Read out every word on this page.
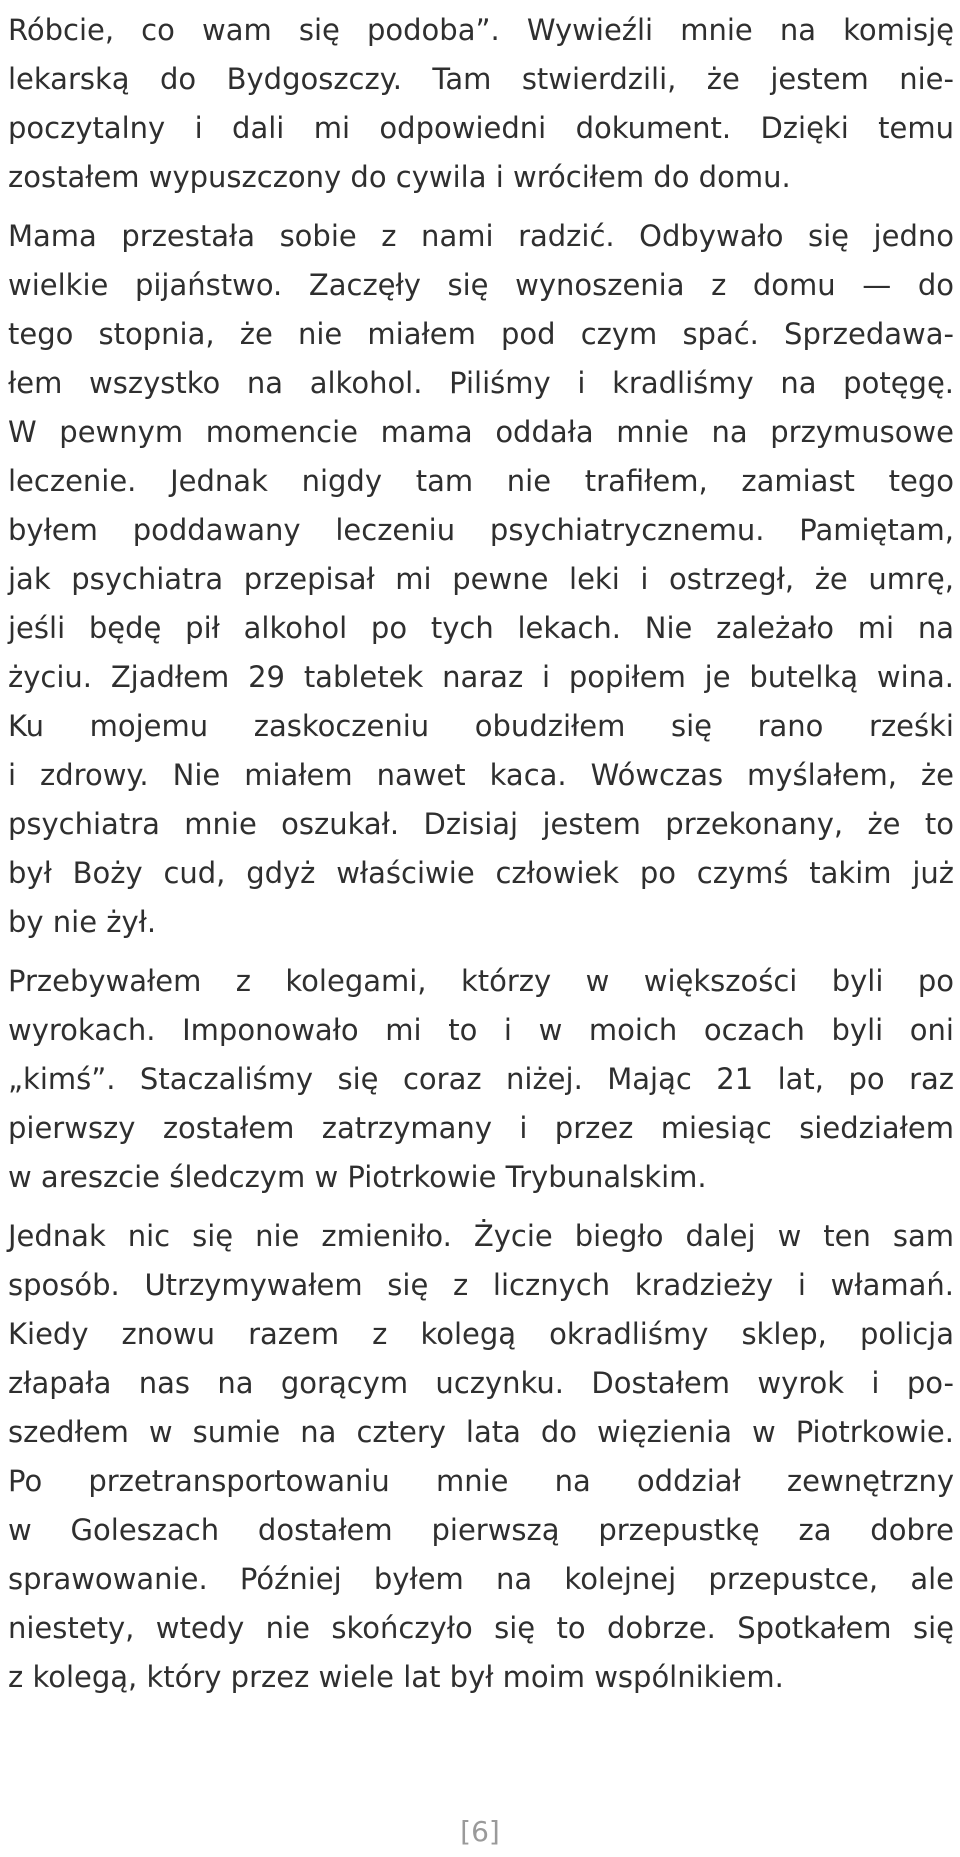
Róbcie, co wam się podoba”. Wywieźli mnie na komisję
lekarską do Bydgoszczy. Tam stwierdzili, że jestem nie-
poczytalny i dali mi odpowiedni dokument. Dzięki temu
zostałem wypuszczony do cywila i wróciłem do domu.
Mama przestała sobie z nami radzić. Odbywało się jedno
wielkie pijaństwo. Zaczęły się wynoszenia z domu — do
tego stopnia, że nie miałem pod czym spać. Sprzedawa-
łem wszystko na alkohol. Piliśmy i kradliśmy na potęgę.
W pewnym momencie mama oddała mnie na przymusowe
leczenie. Jednak nigdy tam nie trafiłem, zamiast tego
byłem poddawany leczeniu psychiatrycznemu. Pamiętam,
jak psychiatra przepisał mi pewne leki i ostrzegł, że umrę,
jeśli będę pił alkohol po tych lekach. Nie zależało mi na
życiu. Zjadłem 29 tabletek naraz i popiłem je butelką wina.
Ku mojemu zaskoczeniu obudziłem się rano rześki
i zdrowy. Nie miałem nawet kaca. Wówczas myślałem, że
psychiatra mnie oszukał. Dzisiaj jestem przekonany, że to
był Boży cud, gdyż właściwie człowiek po czymś takim już
by nie żył.
Przebywałem z kolegami, którzy w większości byli po
wyrokach. Imponowało mi to i w moich oczach byli oni
„kimś”. Staczaliśmy się coraz niżej. Mając 21 lat, po raz
pierwszy zostałem zatrzymany i przez miesiąc siedziałem
w areszcie śledczym w Piotrkowie Trybunalskim.
Jednak nic się nie zmieniło. Życie biegło dalej w ten sam
sposób. Utrzymywałem się z licznych kradzieży i włamań.
Kiedy znowu razem z kolegą okradliśmy sklep, policja
złapała nas na gorącym uczynku. Dostałem wyrok i po-
szedłem w sumie na cztery lata do więzienia w Piotrkowie.
Po przetransportowaniu mnie na oddział zewnętrzny
w Goleszach dostałem pierwszą przepustkę za dobre
sprawowanie. Później byłem na kolejnej przepustce, ale
niestety, wtedy nie skończyło się to dobrze. Spotkałem się
z kolegą, który przez wiele lat był moim wspólnikiem.
[6]
